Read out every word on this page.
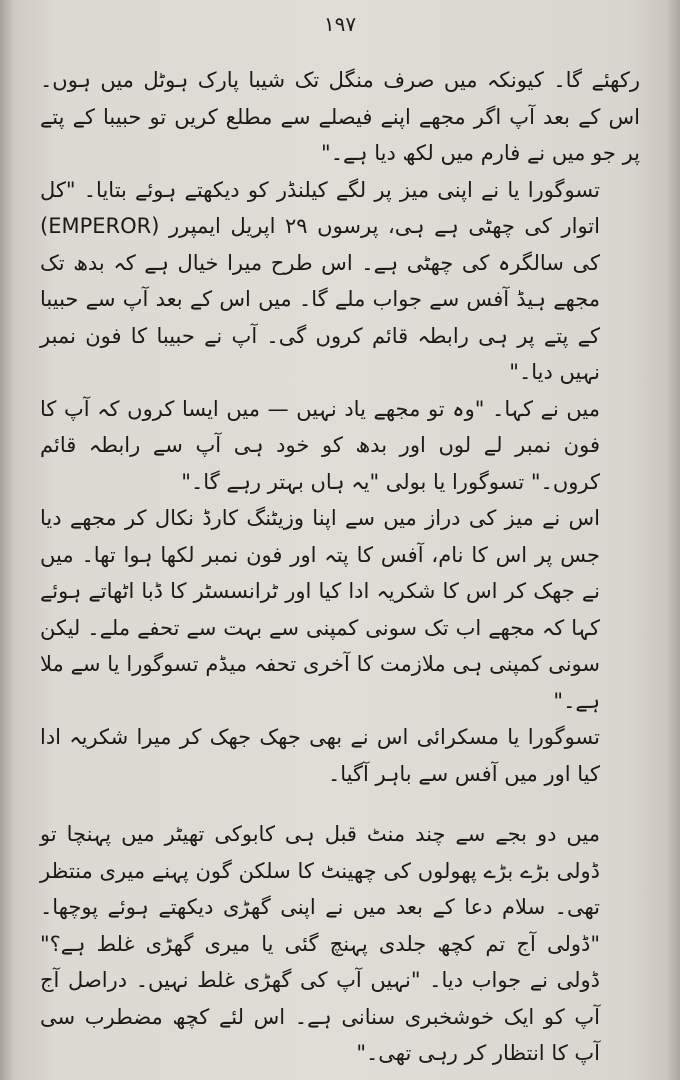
۱۹۷

رکھئے گا۔ کیونکہ میں صرف منگل تک شیبا پارک ہوٹل میں ہوں۔ اس کے بعد آپ اگر مجھے اپنے فیصلے سے مطلع کریں تو حبیبا کے پتے پر جو میں نے فارم میں لکھ دیا ہے۔"

تسوگورا یا نے اپنی میز پر لگے کیلنڈر کو دیکھتے ہوئے بتایا۔ "کل اتوار کی چھٹی ہے ہی، پرسوں ۲۹ اپریل ایمپرر (EMPEROR) کی سالگرہ کی چھٹی ہے۔ اس طرح میرا خیال ہے کہ بدھ تک مجھے ہیڈ آفس سے جواب ملے گا۔ میں اس کے بعد آپ سے حبیبا کے پتے پر ہی رابطہ قائم کروں گی۔ آپ نے حبیبا کا فون نمبر نہیں دیا۔"

میں نے کہا۔ "وہ تو مجھے یاد نہیں — میں ایسا کروں کہ آپ کا فون نمبر لے لوں اور بدھ کو خود ہی آپ سے رابطہ قائم کروں۔" تسوگورا یا بولی "یہ ہاں بہتر رہے گا۔"

اس نے میز کی دراز میں سے اپنا وزیٹنگ کارڈ نکال کر مجھے دیا جس پر اس کا نام، آفس کا پتہ اور فون نمبر لکھا ہوا تھا۔ میں نے جھک کر اس کا شکریہ ادا کیا اور ٹرانسسٹر کا ڈبا اٹھاتے ہوئے کہا کہ مجھے اب تک سونی کمپنی سے بہت سے تحفے ملے۔ لیکن سونی کمپنی ہی ملازمت کا آخری تحفہ میڈم تسوگورا یا سے ملا ہے۔"

تسوگورا یا مسکرائی اس نے بھی جھک جھک کر میرا شکریہ ادا کیا اور میں آفس سے باہر آگیا۔

میں دو بجے سے چند منٹ قبل ہی کابوکی تھیٹر میں پہنچا تو ڈولی بڑے بڑے پھولوں کی چھینٹ کا سلکن گون پہنے میری منتظر تھی۔ سلام دعا کے بعد میں نے اپنی گھڑی دیکھتے ہوئے پوچھا۔ "ڈولی آج تم کچھ جلدی پہنچ گئی یا میری گھڑی غلط ہے؟" ڈولی نے جواب دیا۔ "نہیں آپ کی گھڑی غلط نہیں۔ دراصل آج آپ کو ایک خوشخبری سنانی ہے۔ اس لئے کچھ مضطرب سی آپ کا انتظار کر رہی تھی۔"
